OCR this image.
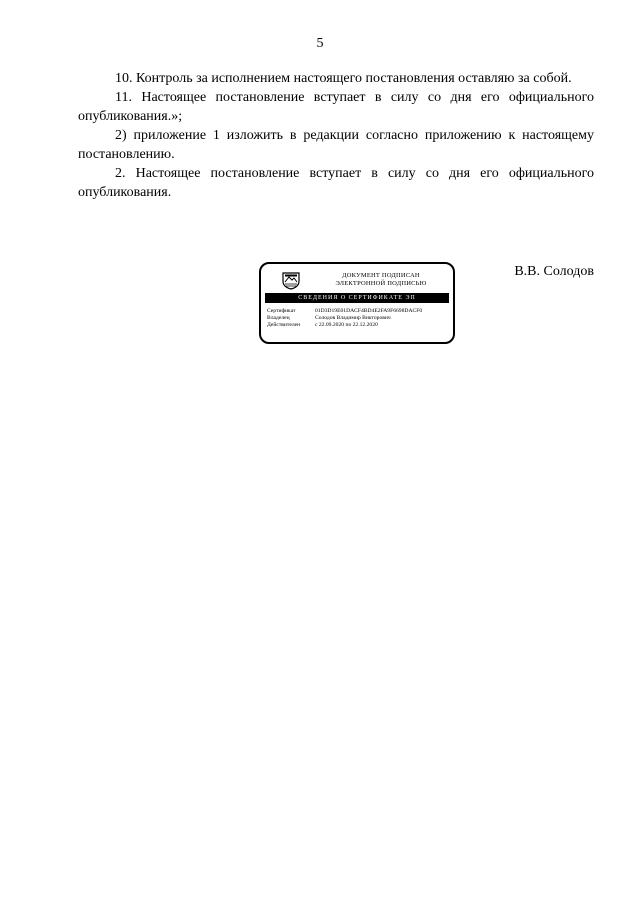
5

10. Контроль за исполнением настоящего постановления оставляю за собой.

11. Настоящее постановление вступает в силу со дня его официального опубликования.»;

2) приложение 1 изложить в редакции согласно приложению к настоящему постановлению.

2. Настоящее постановление вступает в силу со дня его официального опубликования.

ДОКУМЕНТ ПОДПИСАН
ЭЛЕКТРОННОЙ ПОДПИСЬЮ
СВЕДЕНИЯ О СЕРТИФИКАТЕ ЭП
Сертификат	01D3D19E01DACF4BD4E2FA9F6698DACF0
Владелец	Солодов Владимир Викторович
Действителен	с 22.09.2020 по 22.12.2020
В.В. Солодов
